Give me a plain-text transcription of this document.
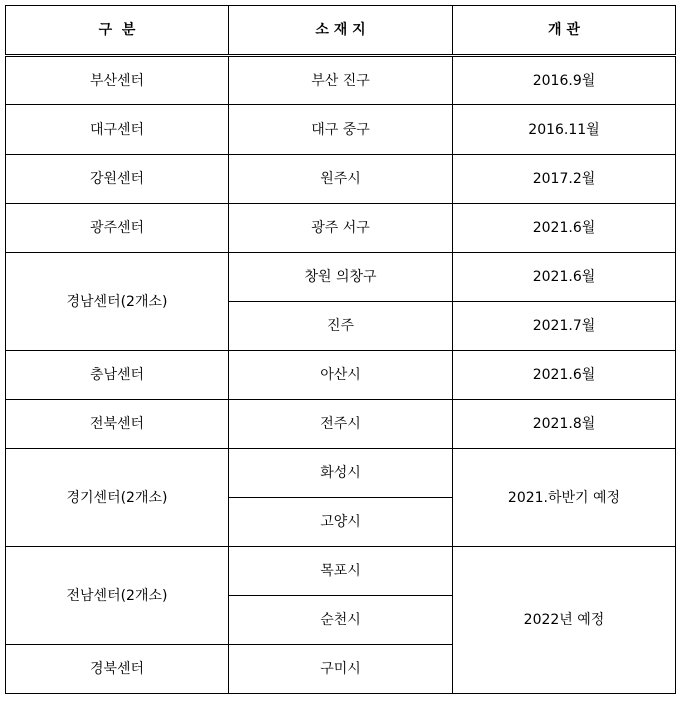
구  분	소 재 지	개 관
부산센터	부산 진구	2016.9월
대구센터	대구 중구	2016.11월
강원센터	원주시	2017.2월
광주센터	광주 서구	2021.6월
경남센터(2개소)	창원 의창구	2021.6월
	진주	2021.7월
충남센터	아산시	2021.6월
전북센터	전주시	2021.8월
경기센터(2개소)	화성시	2021.하반기 예정
	고양시	
전남센터(2개소)	목포시	2022년 예정
	순천시	
경북센터	구미시	
